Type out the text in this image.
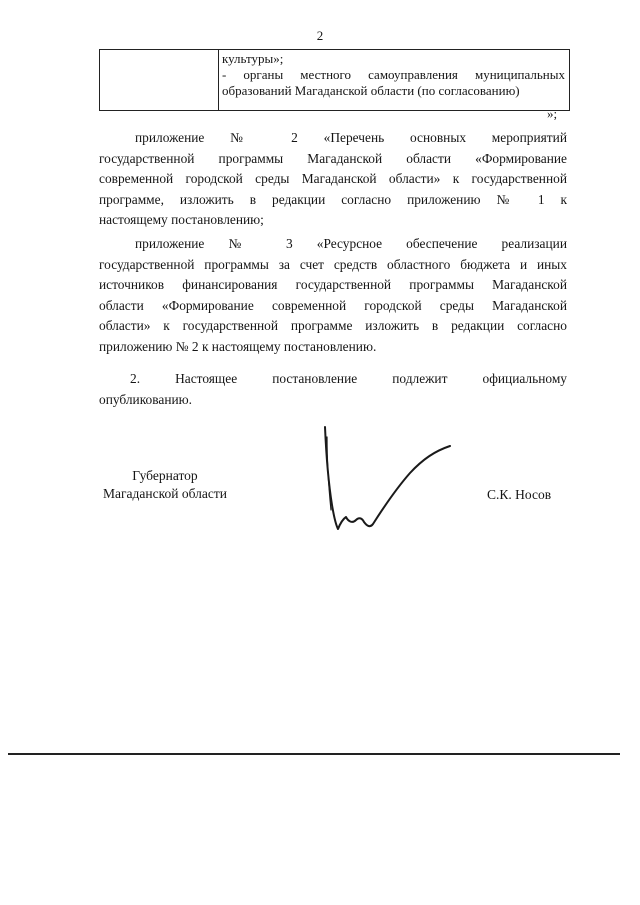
2

культуры»;
- органы местного самоуправления муниципальных
образований Магаданской области (по согласованию)
»;
приложение № 2 «Перечень основных мероприятий
государственной программы Магаданской области «Формирование
современной городской среды Магаданской области» к государственной
программе, изложить в редакции согласно приложению № 1 к
настоящему постановлению;
приложение № 3 «Ресурсное обеспечение реализации
государственной программы за счет средств областного бюджета и иных
источников финансирования государственной программы Магаданской
области «Формирование современной городской среды Магаданской
области» к государственной программе изложить в редакции согласно
приложению № 2 к настоящему постановлению.
2. Настоящее постановление подлежит официальному
опубликованию.
Губернатор
Магаданской области	С.К. Носов
